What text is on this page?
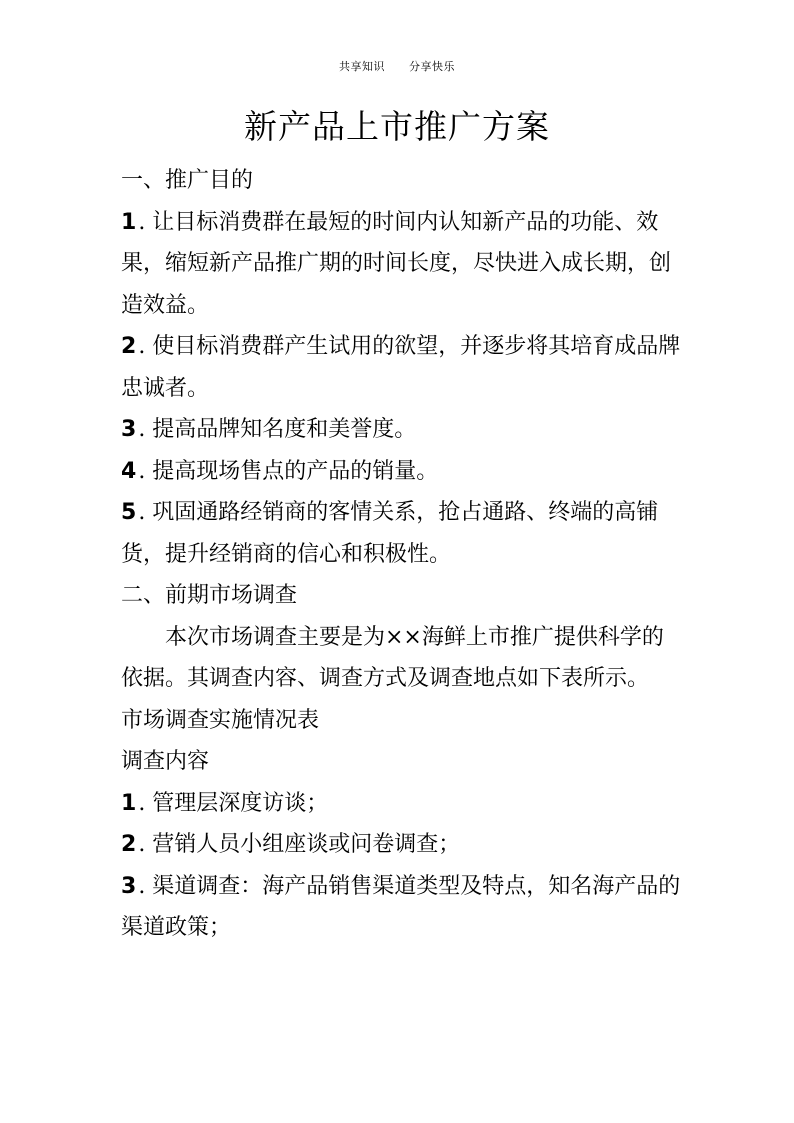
共享知识 分享快乐
新产品上市推广方案

一、推广目的

1. 让目标消费群在最短的时间内认知新产品的功能、效果，缩短新产品推广期的时间长度，尽快进入成长期，创造效益。

2. 使目标消费群产生试用的欲望，并逐步将其培育成品牌忠诚者。

3. 提高品牌知名度和美誉度。

4. 提高现场售点的产品的销量。

5. 巩固通路经销商的客情关系，抢占通路、终端的高铺货，提升经销商的信心和积极性。

二、前期市场调查

本次市场调查主要是为××海鲜上市推广提供科学的依据。其调查内容、调查方式及调查地点如下表所示。

市场调查实施情况表

调查内容

1. 管理层深度访谈；

2. 营销人员小组座谈或问卷调查；

3. 渠道调查：海产品销售渠道类型及特点，知名海产品的渠道政策；
